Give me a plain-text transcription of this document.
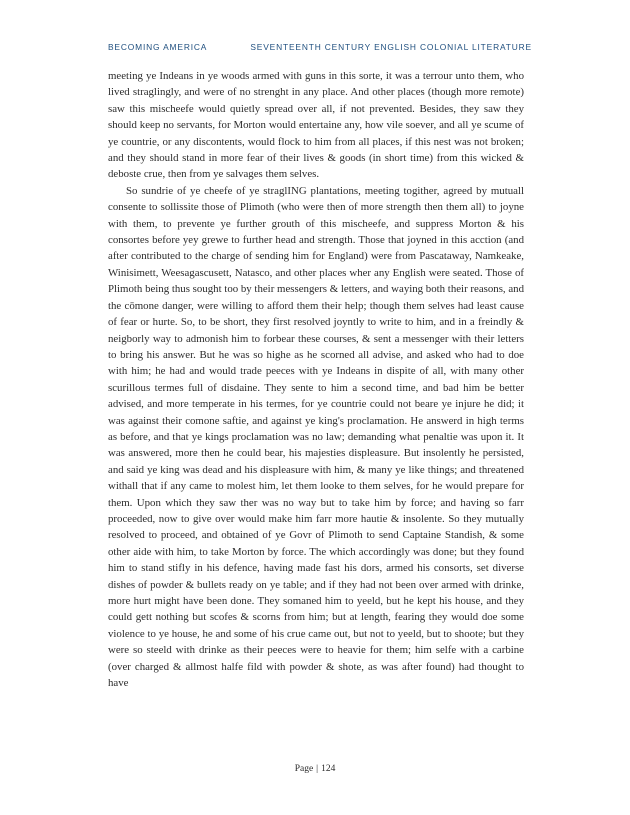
BECOMING AMERICA	SEVENTEENTH CENTURY ENGLISH COLONIAL LITERATURE

meeting ye Indeans in ye woods armed with guns in this sorte, it was a terrour unto them, who lived straglingly, and were of no strenght in any place. And other places (though more remote) saw this mischeefe would quietly spread over all, if not prevented. Besides, they saw they should keep no servants, for Morton would entertaine any, how vile soever, and all ye scume of ye countrie, or any discontents, would flock to him from all places, if this nest was not broken; and they should stand in more fear of their lives & goods (in short time) from this wicked & deboste crue, then from ye salvages them selves.

So sundrie of ye cheefe of ye straglING plantations, meeting togither, agreed by mutuall consente to sollissite those of Plimoth (who were then of more strength then them all) to joyne with them, to prevente ye further grouth of this mischeefe, and suppress Morton & his consortes before yey grewe to further head and strength. Those that joyned in this acction (and after contributed to the charge of sending him for England) were from Pascataway, Namkeake, Winisimett, Weesagascusett, Natasco, and other places wher any English were seated. Those of Plimoth being thus sought too by their messengers & letters, and waying both their reasons, and the cōmone danger, were willing to afford them their help; though them selves had least cause of fear or hurte. So, to be short, they first resolved joyntly to write to him, and in a freindly & neigborly way to admonish him to forbear these courses, & sent a messenger with their letters to bring his answer. But he was so highe as he scorned all advise, and asked who had to doe with him; he had and would trade peeces with ye Indeans in dispite of all, with many other scurillous termes full of disdaine. They sente to him a second time, and bad him be better advised, and more temperate in his termes, for ye countrie could not beare ye injure he did; it was against their comone saftie, and against ye king's proclamation. He answerd in high terms as before, and that ye kings proclamation was no law; demanding what penaltie was upon it. It was answered, more then he could bear, his majesties displeasure. But insolently he persisted, and said ye king was dead and his displeasure with him, & many ye like things; and threatened withall that if any came to molest him, let them looke to them selves, for he would prepare for them. Upon which they saw ther was no way but to take him by force; and having so farr proceeded, now to give over would make him farr more hautie & insolente. So they mutually resolved to proceed, and obtained of ye Govr of Plimoth to send Captaine Standish, & some other aide with him, to take Morton by force. The which accordingly was done; but they found him to stand stifly in his defence, having made fast his dors, armed his consorts, set diverse dishes of powder & bullets ready on ye table; and if they had not been over armed with drinke, more hurt might have been done. They somaned him to yeeld, but he kept his house, and they could gett nothing but scofes & scorns from him; but at length, fearing they would doe some violence to ye house, he and some of his crue came out, but not to yeeld, but to shoote; but they were so steeld with drinke as their peeces were to heavie for them; him selfe with a carbine (over charged & allmost halfe fild with powder & shote, as was after found) had thought to have

Page | 124
